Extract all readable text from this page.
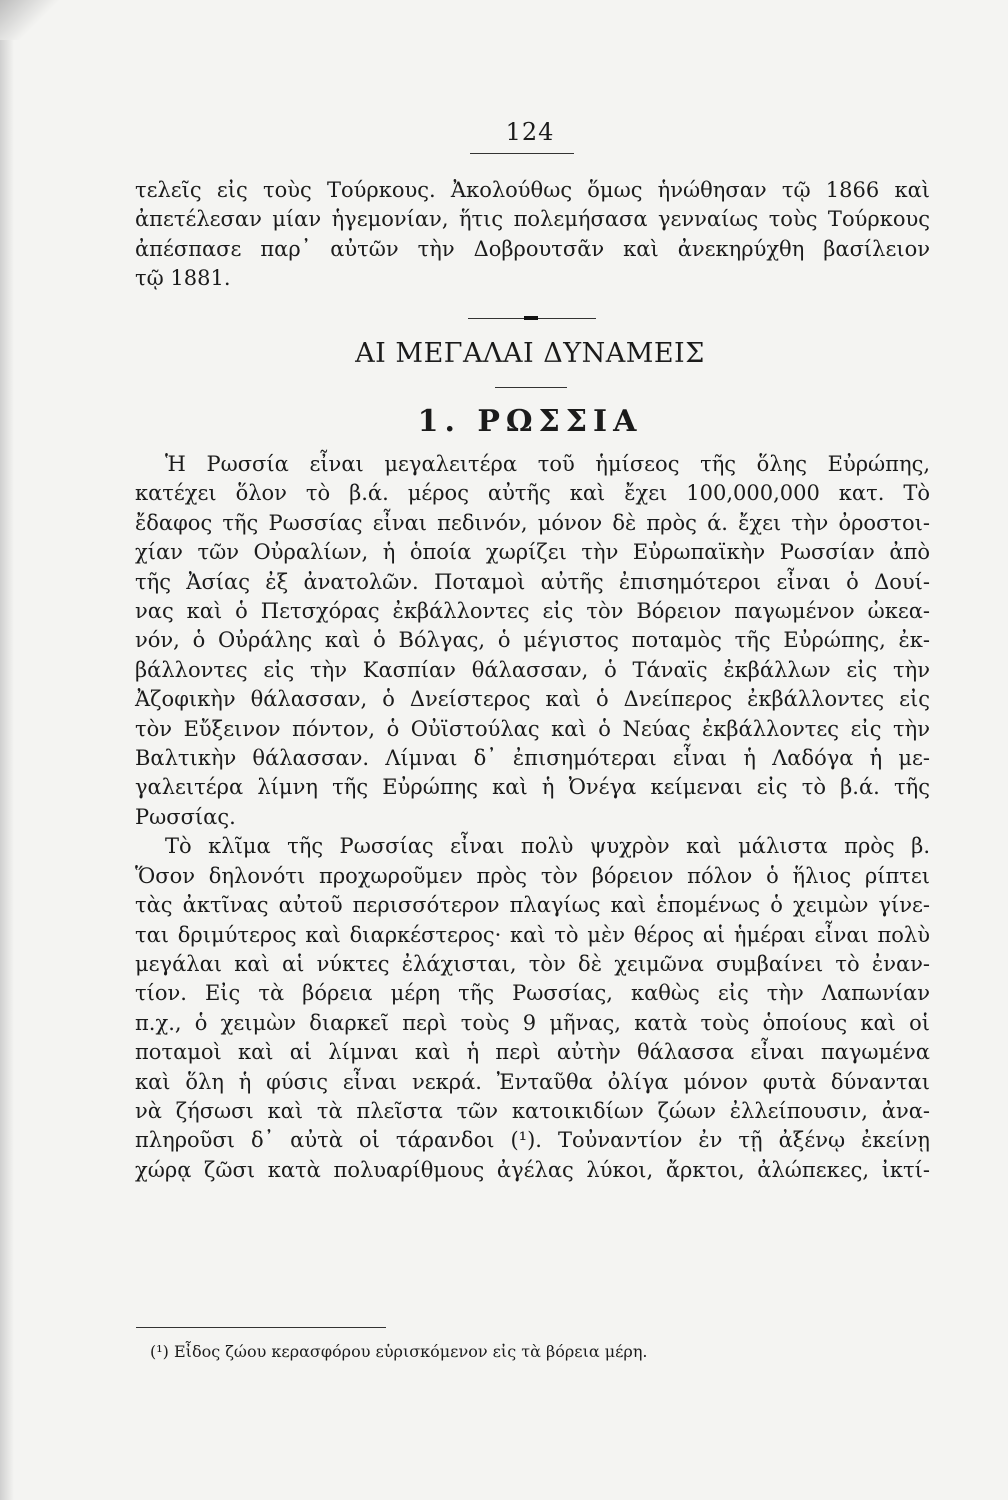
124
τελεῖς εἰς τοὺς Τούρκους. Ἀκολούθως ὅμως ἡνώθησαν τῷ 1866 καὶ
ἀπετέλεσαν μίαν ἡγεμονίαν, ἥτις πολεμήσασα γενναίως τοὺς Τούρκους
ἀπέσπασε παρ᾽ αὐτῶν τὴν Δοβρουτσᾶν καὶ ἀνεκηρύχθη βασίλειον
τῷ 1881.
ΑΙ ΜΕΓΑΛΑΙ ΔΥΝΑΜΕΙΣ
1. ΡΩΣΣΙΑ
Ἡ Ρωσσία εἶναι μεγαλειτέρα τοῦ ἡμίσεος τῆς ὅλης Εὐρώπης,
κατέχει ὅλον τὸ β.ά. μέρος αὐτῆς καὶ ἔχει 100,000,000 κατ. Τὸ
ἔδαφος τῆς Ρωσσίας εἶναι πεδινόν, μόνον δὲ πρὸς ά. ἔχει τὴν ὀροστοι-
χίαν τῶν Οὐραλίων, ἡ ὁποία χωρίζει τὴν Εὐρωπαϊκὴν Ρωσσίαν ἀπὸ
τῆς Ἀσίας ἐξ ἀνατολῶν. Ποταμοὶ αὐτῆς ἐπισημότεροι εἶναι ὁ Δουί-
νας καὶ ὁ Πετσχόρας ἐκβάλλοντες εἰς τὸν Βόρειον παγωμένον ὠκεα-
νόν, ὁ Οὐράλης καὶ ὁ Βόλγας, ὁ μέγιστος ποταμὸς τῆς Εὐρώπης, ἐκ-
βάλλοντες εἰς τὴν Κασπίαν θάλασσαν, ὁ Τάναϊς ἐκβάλλων εἰς τὴν
Ἀζοφικὴν θάλασσαν, ὁ Δνείστερος καὶ ὁ Δνείπερος ἐκβάλλοντες εἰς
τὸν Εὔξεινον πόντον, ὁ Οὐϊστούλας καὶ ὁ Νεύας ἐκβάλλοντες εἰς τὴν
Βαλτικὴν θάλασσαν. Λίμναι δ᾽ ἐπισημότεραι εἶναι ἡ Λαδόγα ἡ με-
γαλειτέρα λίμνη τῆς Εὐρώπης καὶ ἡ Ὀνέγα κείμεναι εἰς τὸ β.ά. τῆς
Ρωσσίας.
Τὸ κλῖμα τῆς Ρωσσίας εἶναι πολὺ ψυχρὸν καὶ μάλιστα πρὸς β.
Ὅσον δηλονότι προχωροῦμεν πρὸς τὸν βόρειον πόλον ὁ ἥλιος ρίπτει
τὰς ἀκτῖνας αὐτοῦ περισσότερον πλαγίως καὶ ἑπομένως ὁ χειμὼν γίνε-
ται δριμύτερος καὶ διαρκέστερος· καὶ τὸ μὲν θέρος αἱ ἡμέραι εἶναι πολὺ
μεγάλαι καὶ αἱ νύκτες ἐλάχισται, τὸν δὲ χειμῶνα συμβαίνει τὸ ἐναν-
τίον. Εἰς τὰ βόρεια μέρη τῆς Ρωσσίας, καθὼς εἰς τὴν Λαπωνίαν
π.χ., ὁ χειμὼν διαρκεῖ περὶ τοὺς 9 μῆνας, κατὰ τοὺς ὁποίους καὶ οἱ
ποταμοὶ καὶ αἱ λίμναι καὶ ἡ περὶ αὐτὴν θάλασσα εἶναι παγωμένα
καὶ ὅλη ἡ φύσις εἶναι νεκρά. Ἐνταῦθα ὀλίγα μόνον φυτὰ δύνανται
νὰ ζήσωσι καὶ τὰ πλεῖστα τῶν κατοικιδίων ζώων ἐλλείπουσιν, ἀνα-
πληροῦσι δ᾽ αὐτὰ οἱ τάρανδοι (¹). Τοὐναντίον ἐν τῇ ἀξένῳ ἐκείνῃ
χώρᾳ ζῶσι κατὰ πολυαρίθμους ἀγέλας λύκοι, ἄρκτοι, ἀλώπεκες, ἰκτί-
(¹) Εἶδος ζώου κερασφόρου εὑρισκόμενον εἰς τὰ βόρεια μέρη.
